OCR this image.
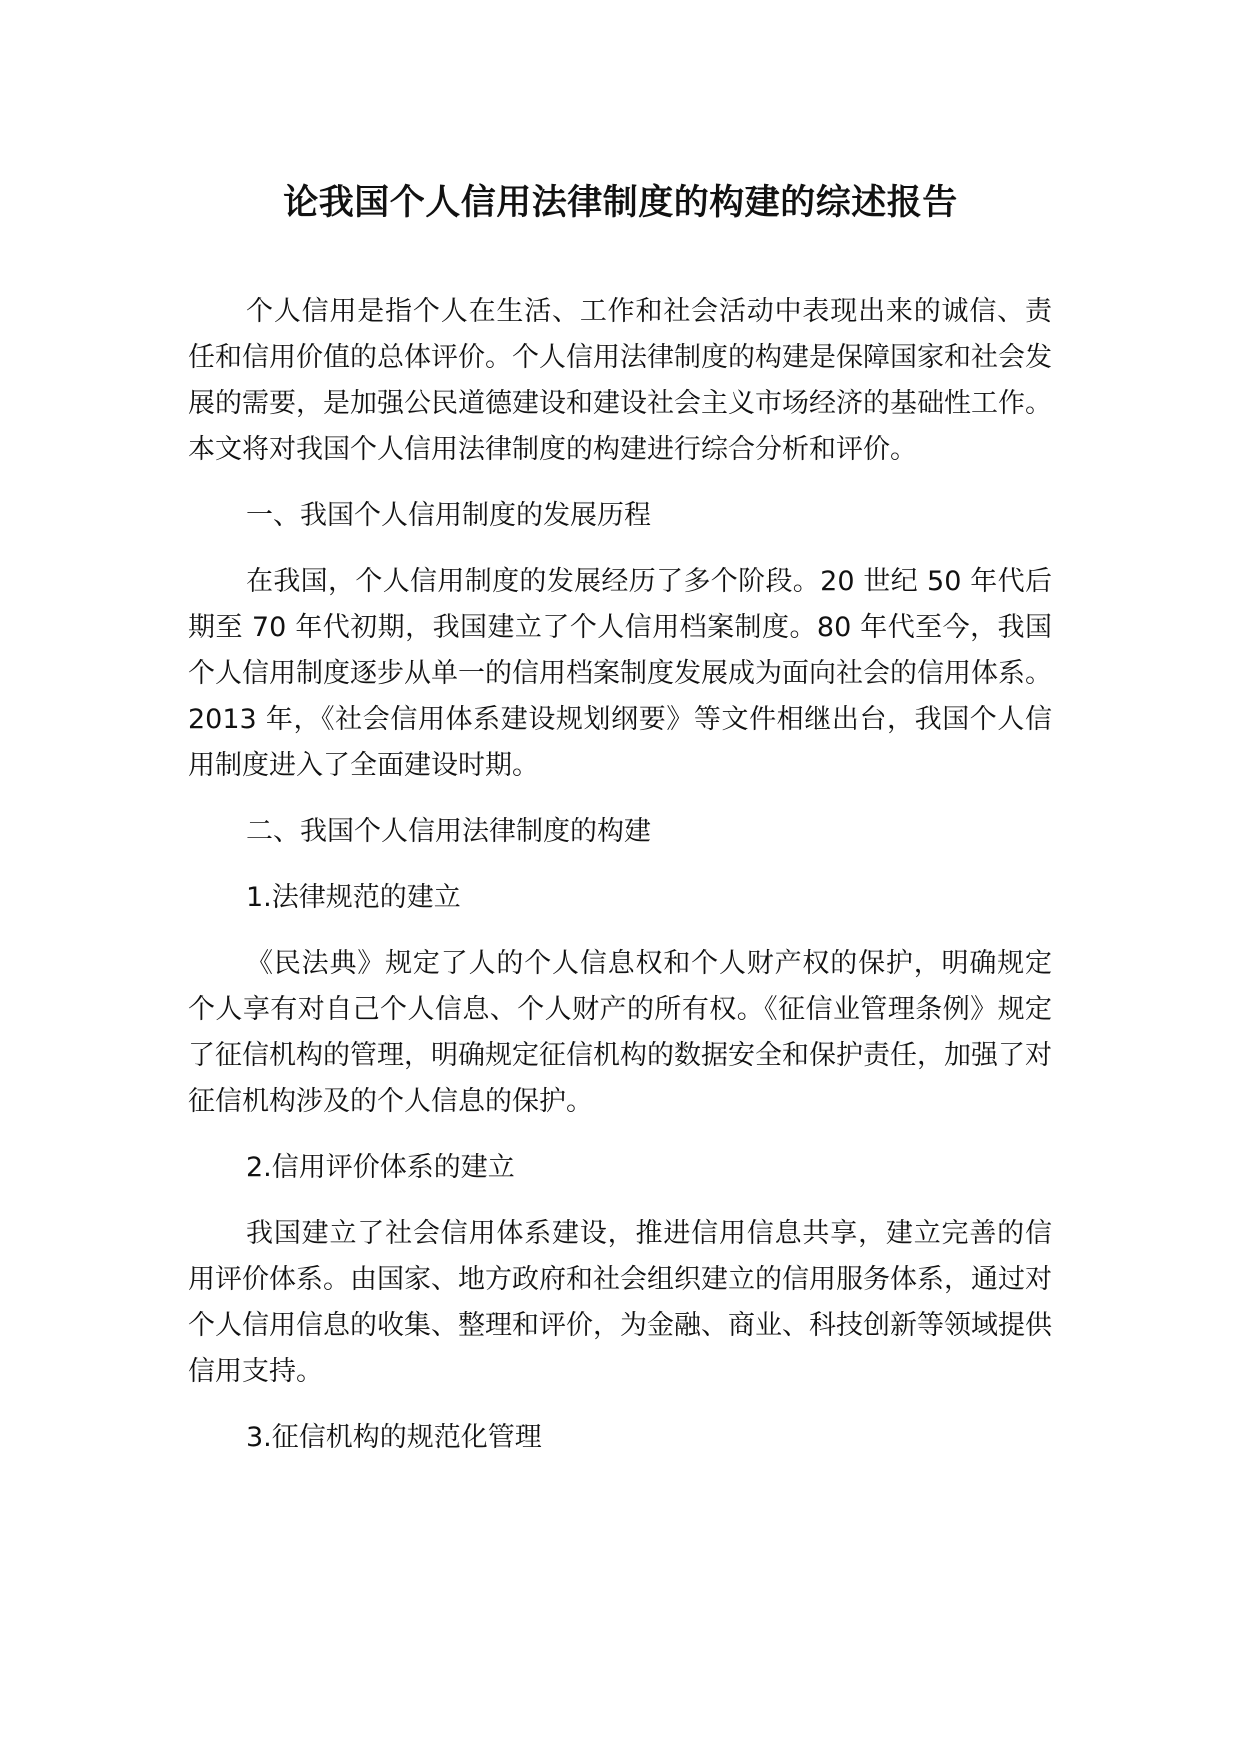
论我国个人信用法律制度的构建的综述报告

个人信用是指个人在生活、工作和社会活动中表现出来的诚信、责任和信用价值的总体评价。个人信用法律制度的构建是保障国家和社会发展的需要，是加强公民道德建设和建设社会主义市场经济的基础性工作。本文将对我国个人信用法律制度的构建进行综合分析和评价。

一、我国个人信用制度的发展历程

在我国，个人信用制度的发展经历了多个阶段。20 世纪 50 年代后期至 70 年代初期，我国建立了个人信用档案制度。80 年代至今，我国个人信用制度逐步从单一的信用档案制度发展成为面向社会的信用体系。2013 年，《社会信用体系建设规划纲要》等文件相继出台，我国个人信用制度进入了全面建设时期。

二、我国个人信用法律制度的构建

1.法律规范的建立

《民法典》规定了人的个人信息权和个人财产权的保护，明确规定个人享有对自己个人信息、个人财产的所有权。《征信业管理条例》规定了征信机构的管理，明确规定征信机构的数据安全和保护责任，加强了对征信机构涉及的个人信息的保护。

2.信用评价体系的建立

我国建立了社会信用体系建设，推进信用信息共享，建立完善的信用评价体系。由国家、地方政府和社会组织建立的信用服务体系，通过对个人信用信息的收集、整理和评价，为金融、商业、科技创新等领域提供信用支持。

3.征信机构的规范化管理
